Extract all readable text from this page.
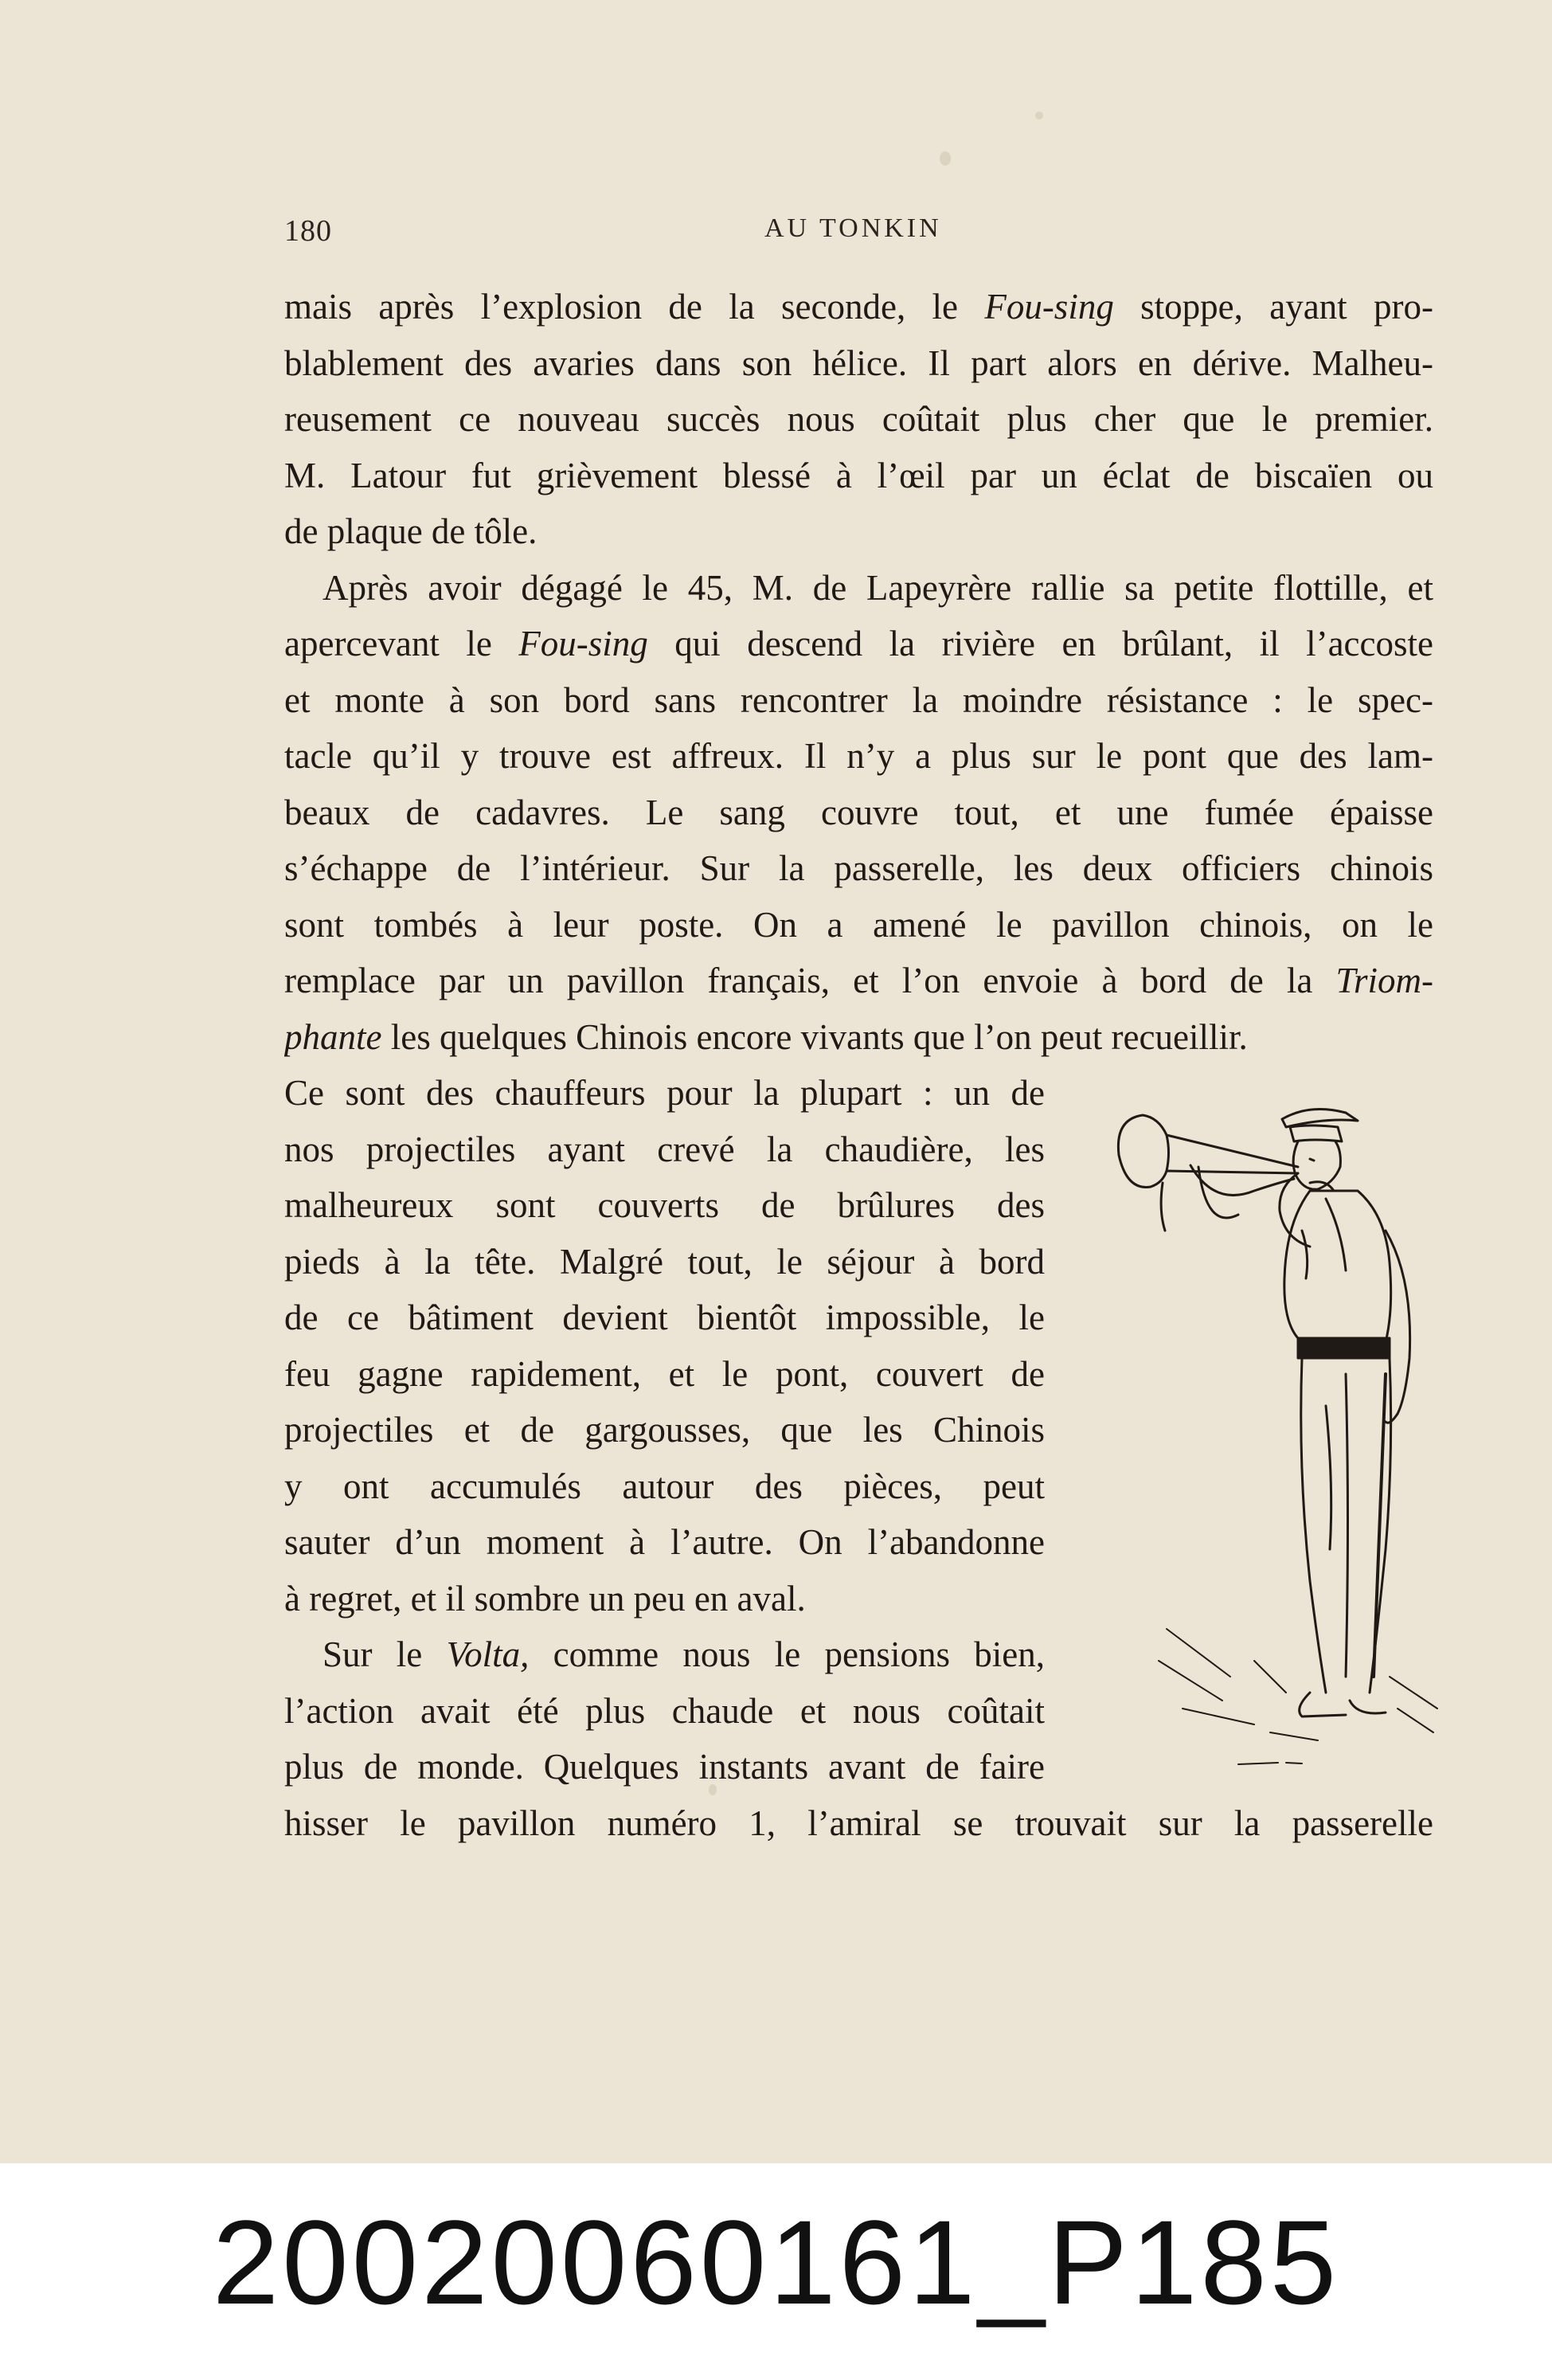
180	AU TONKIN
mais après l’explosion de la seconde, le Fou-sing stoppe, ayant pro-
blablement des avaries dans son hélice. Il part alors en dérive. Malheu-
reusement ce nouveau succès nous coûtait plus cher que le premier.
M. Latour fut grièvement blessé à l’œil par un éclat de biscaïen ou
de plaque de tôle.
Après avoir dégagé le 45, M. de Lapeyrère rallie sa petite flottille, et
apercevant le Fou-sing qui descend la rivière en brûlant, il l’accoste
et monte à son bord sans rencontrer la moindre résistance : le spec-
tacle qu’il y trouve est affreux. Il n’y a plus sur le pont que des lam-
beaux de cadavres. Le sang couvre tout, et une fumée épaisse
s’échappe de l’intérieur. Sur la passerelle, les deux officiers chinois
sont tombés à leur poste. On a amené le pavillon chinois, on le
remplace par un pavillon français, et l’on envoie à bord de la Triom-
phante les quelques Chinois encore vivants que l’on peut recueillir.
Ce sont des chauffeurs pour la plupart : un de
nos projectiles ayant crevé la chaudière, les
malheureux sont couverts de brûlures des
pieds à la tête. Malgré tout, le séjour à bord
de ce bâtiment devient bientôt impossible, le
feu gagne rapidement, et le pont, couvert de
projectiles et de gargousses, que les Chinois
y ont accumulés autour des pièces, peut
sauter d’un moment à l’autre. On l’abandonne
à regret, et il sombre un peu en aval.
Sur le Volta, comme nous le pensions bien,
l’action avait été plus chaude et nous coûtait
plus de monde. Quelques instants avant de faire
hisser le pavillon numéro 1, l’amiral se trouvait sur la passerelle
20020060161_P185
